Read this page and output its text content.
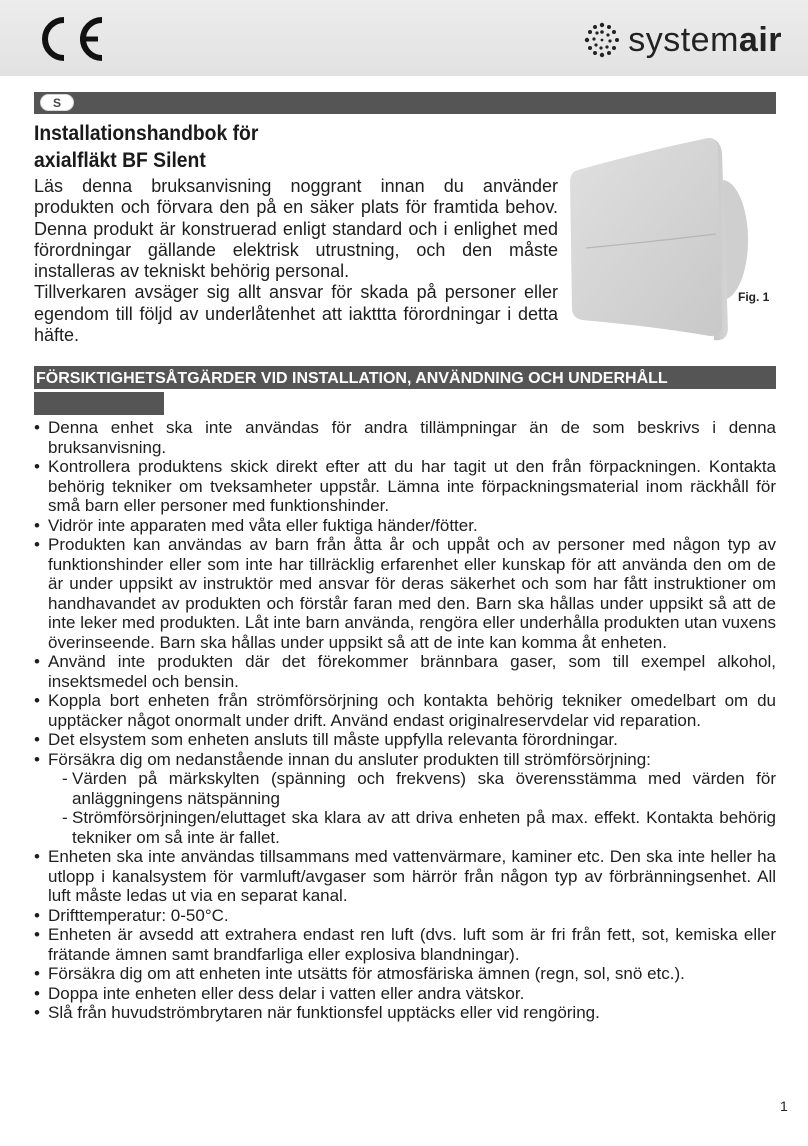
systemair
S
Installationshandbok för
axialfläkt BF Silent

Läs denna bruksanvisning noggrant innan du använder produkten och förvara den på en säker plats för framtida behov. Denna produkt är konstruerad enligt standard och i enlighet med förordningar gällande elektrisk utrustning, och den måste installeras av tekniskt behörig personal.

Tillverkaren avsäger sig allt ansvar för skada på personer eller egendom till följd av underlåtenhet att iakttta förordningar i detta häfte.

Fig. 1
FÖRSIKTIGHETSÅTGÄRDER VID INSTALLATION, ANVÄNDNING OCH UNDERHÅLL
• Denna enhet ska inte användas för andra tillämpningar än de som beskrivs i denna bruksanvisning.
• Kontrollera produktens skick direkt efter att du har tagit ut den från förpackningen. Kontakta behörig tekniker om tveksamheter uppstår. Lämna inte förpackningsmaterial inom räckhåll för små barn eller personer med funktionshinder.
• Vidrör inte apparaten med våta eller fuktiga händer/fötter.
• Produkten kan användas av barn från åtta år och uppåt och av personer med någon typ av funktionshinder eller som inte har tillräcklig erfarenhet eller kunskap för att använda den om de är under uppsikt av instruktör med ansvar för deras säkerhet och som har fått instruktioner om handhavandet av produkten och förstår faran med den. Barn ska hållas under uppsikt så att de inte leker med produkten. Låt inte barn använda, rengöra eller underhålla produkten utan vuxens överinseende. Barn ska hållas under uppsikt så att de inte kan komma åt enheten.
• Använd inte produkten där det förekommer brännbara gaser, som till exempel alkohol, insektsmedel och bensin.
• Koppla bort enheten från strömförsörjning och kontakta behörig tekniker omedelbart om du upptäcker något onormalt under drift. Använd endast originalreservdelar vid reparation.
• Det elsystem som enheten ansluts till måste uppfylla relevanta förordningar.
• Försäkra dig om nedanstående innan du ansluter produkten till strömförsörjning:
- Värden på märkskylten (spänning och frekvens) ska överensstämma med värden för anläggningens nätspänning
- Strömförsörjningen/eluttaget ska klara av att driva enheten på max. effekt. Kontakta behörig tekniker om så inte är fallet.
• Enheten ska inte användas tillsammans med vattenvärmare, kaminer etc. Den ska inte heller ha utlopp i kanalsystem för varmluft/avgaser som härrör från någon typ av förbränningsenhet. All luft måste ledas ut via en separat kanal.
• Drifttemperatur: 0-50°C.
• Enheten är avsedd att extrahera endast ren luft (dvs. luft som är fri från fett, sot, kemiska eller frätande ämnen samt brandfarliga eller explosiva blandningar).
• Försäkra dig om att enheten inte utsätts för atmosfäriska ämnen (regn, sol, snö etc.).
• Doppa inte enheten eller dess delar i vatten eller andra vätskor.
• Slå från huvudströmbrytaren när funktionsfel upptäcks eller vid rengöring.
1
